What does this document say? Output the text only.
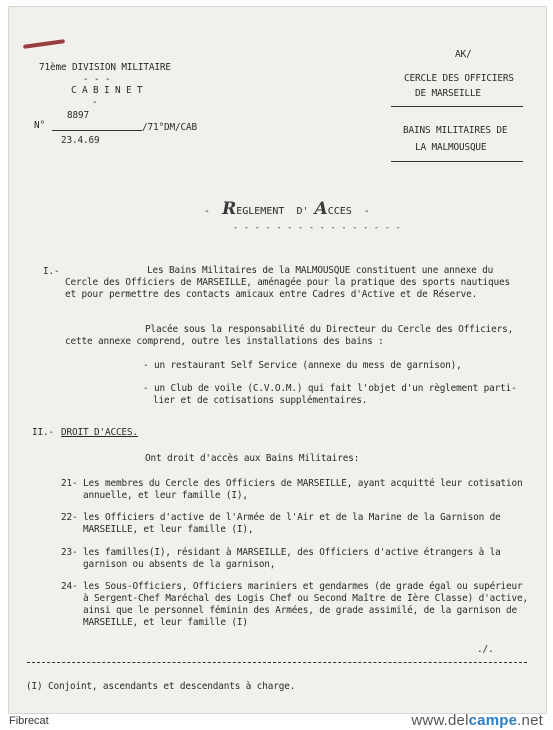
71ème DIVISION MILITAIRE
- - -
C A B I N E T
-
N°
8897
/71°DM/CAB
23.4.69
AK/
CERCLE DES OFFICIERS
DE MARSEILLE
BAINS MILITAIRES DE
LA MALMOUSQUE
- REGLEMENT D' ACCES -
- - - - - - - - - - - - - - - -
I.-	Les Bains Militaires de la MALMOUSQUE constituent une annexe du
Cercle des Officiers de MARSEILLE, aménagée pour la pratique des sports nautiques
et pour permettre des contacts amicaux entre Cadres d'Active et de Réserve.
Placée sous la responsabilité du Directeur du Cercle des Officiers,
cette annexe comprend, outre les installations des bains :
- un restaurant Self Service (annexe du mess de garnison),
- un Club de voile (C.V.O.M.) qui fait l'objet d'un règlement parti-
lier et de cotisations supplémentaires.
II.- DROIT D'ACCES.
Ont droit d'accès aux Bains Militaires:
21- Les membres du Cercle des Officiers de MARSEILLE, ayant acquitté leur cotisation
annuelle, et leur famille (I),
22- les Officiers d'active de l'Armée de l'Air et de la Marine de la Garnison de
MARSEILLE, et leur famille (I),
23- les familles(I), résidant à MARSEILLE, des Officiers d'active étrangers à la
garnison ou absents de la garnison,
24- les Sous-Officiers, Officiers mariniers et gendarmes (de grade égal ou supérieur
à Sergent-Chef Maréchal des Logis Chef ou Second Maître de Ière Classe) d'active,
ainsi que le personnel féminin des Armées, de grade assimilé, de la garnison de
MARSEILLE, et leur famille (I)
./.
(I) Conjoint, ascendants et descendants à charge.
Fibrecat	www.delcampe.net
